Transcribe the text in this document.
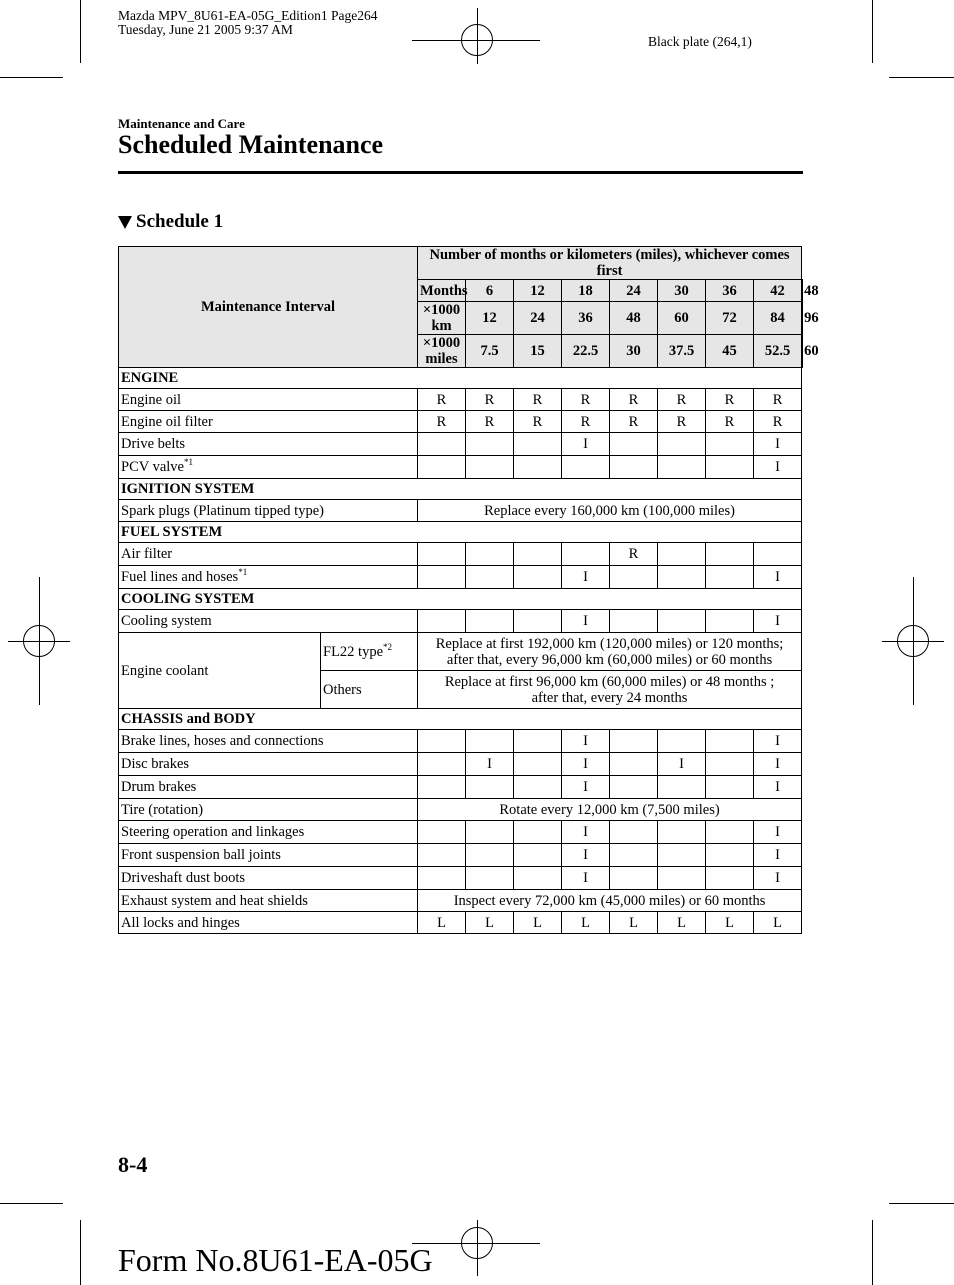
Mazda MPV_8U61-EA-05G_Edition1 Page264
Tuesday, June 21 2005 9:37 AM
Black plate (264,1)
Maintenance and Care
Scheduled Maintenance
Schedule 1
Maintenance Interval		Number of months or kilometers (miles), whichever comes first								
		Months	6	12	18	24	30	36	42	48
		×1000 km	12	24	36	48	60	72	84	96
		×1000 miles	7.5	15	22.5	30	37.5	45	52.5	60
ENGINE										
Engine oil		R	R	R	R	R	R	R	R	
Engine oil filter		R	R	R	R	R	R	R	R	
Drive belts					I				I	
PCV valve$^{*1}$									I	
IGNITION SYSTEM										
Spark plugs (Platinum tipped type)		Replace every 160,000 km (100,000 miles)								
FUEL SYSTEM										
Air filter						R				
Fuel lines and hoses$^{*1}$					I				I	
COOLING SYSTEM										
Cooling system					I				I	
Engine coolant	FL22 type$^{*2}$	Replace at first 192,000 km (120,000 miles) or 120 months;
after that, every 96,000 km (60,000 miles) or 60 months								

	Others	Replace at first 96,000 km (60,000 miles) or 48 months ;
after that, every 24 months								

CHASSIS and BODY										
Brake lines, hoses and connections					I				I	
Disc brakes			I		I		I		I	
Drum brakes					I				I	
Tire (rotation)		Rotate every 12,000 km (7,500 miles)								
Steering operation and linkages					I				I	
Front suspension ball joints					I				I	
Driveshaft dust boots					I				I	
Exhaust system and heat shields		Inspect every 72,000 km (45,000 miles) or 60 months								
All locks and hinges		L	L	L	L	L	L	L	L	
8-4
Form No.8U61-EA-05G
